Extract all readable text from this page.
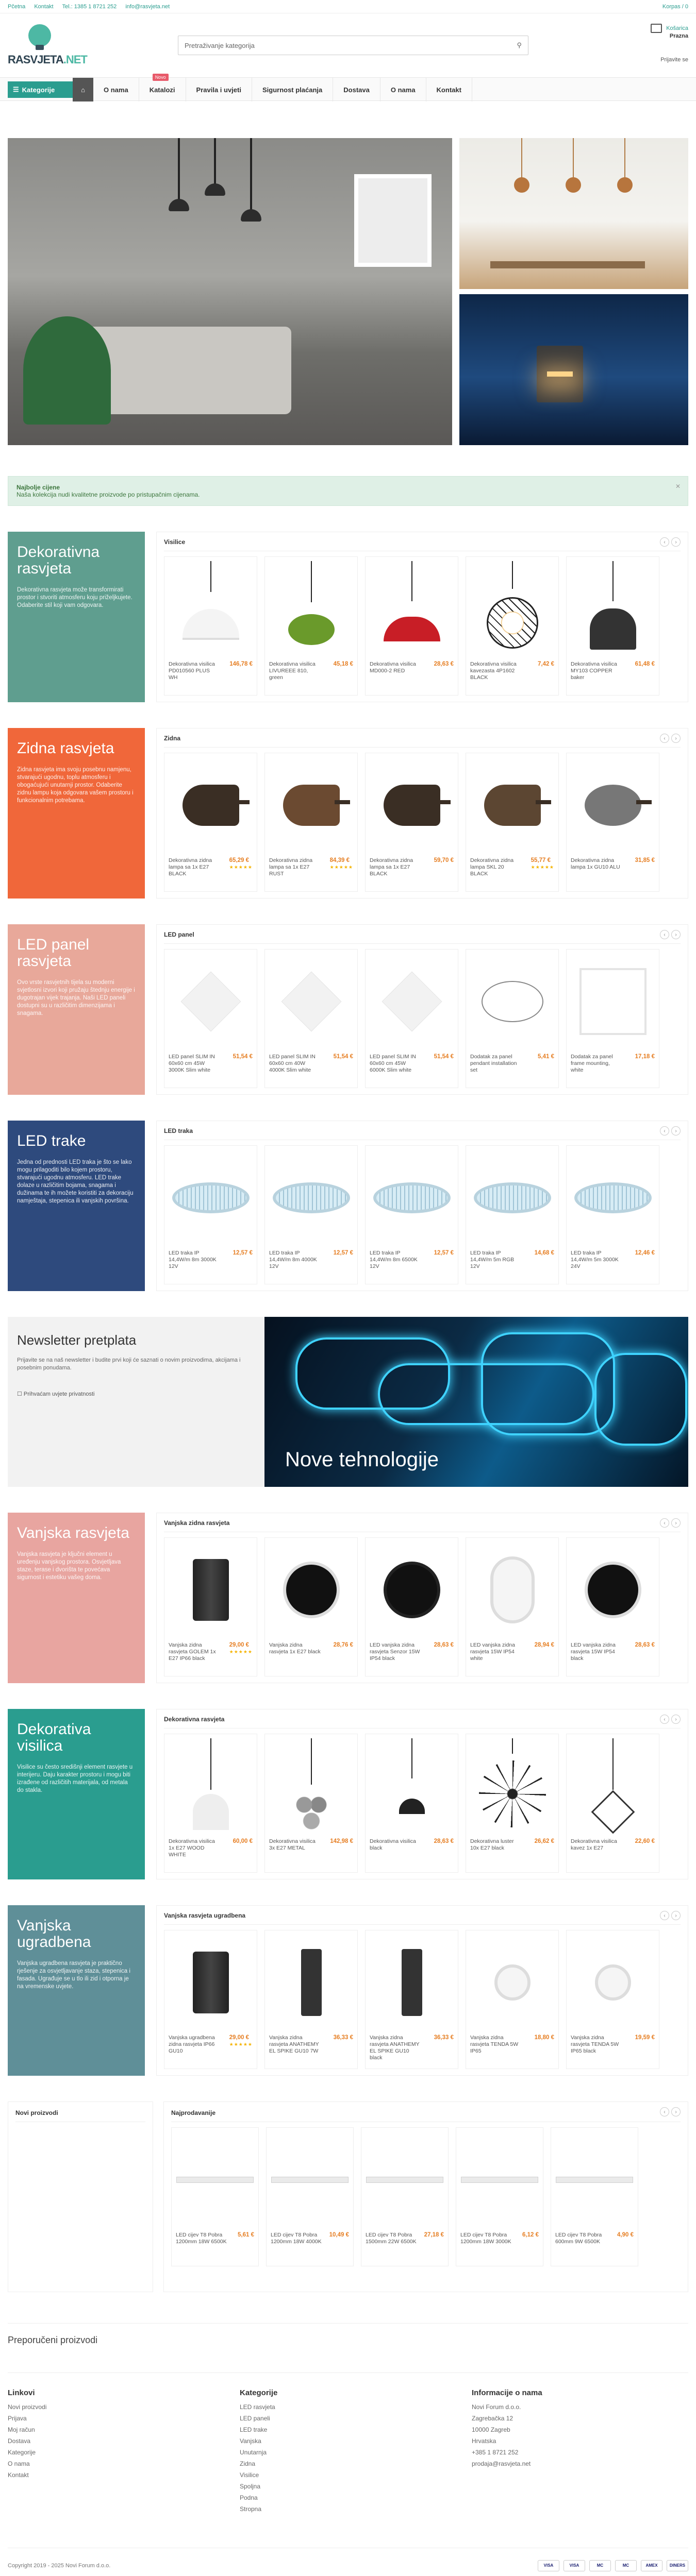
Pčetna Kontakt Tel.: 1385 1 8721 252 info@rasvjeta.net	Korpas / 0
RASVJETA.NET
Pretraživanje kategorija	⚲
Košarica
Prazna
Prijavite se
☰ Kategorije	⌂	O nama
Novo
Katalozi	Pravila i uvjeti	Sigurnost plaćanja	Dostava	O nama	Kontakt
Najbolje cijene
Naša kolekcija nudi kvalitetne proizvode po pristupačnim cijenama.
✕
Dekorativna rasvjeta

Dekorativna rasvjeta može transformirati prostor i stvoriti atmosferu koju priželjkujete. Odaberite stil koji vam odgovara.

Visilice	‹	›
Dekorativna visilica PD010560 PLUS WH
146,78 €	Dekorativna visilica LIVUREEE 810, green
45,18 €	Dekorativna visilica MD000-2 RED
28,63 €	Dekorativna visilica kavezasta 4P1602 BLACK
7,42 €	Dekorativna visilica MY103 COPPER baker
61,48 €
Zidna rasvjeta

Zidna rasvjeta ima svoju posebnu namjenu, stvarajući ugodnu, toplu atmosferu i obogaćujući unutarnji prostor. Odaberite zidnu lampu koja odgovara vašem prostoru i funkcionalnim potrebama.

Zidna	‹	›
Dekorativna zidna lampa sa 1x E27 BLACK
65,29 €
★★★★★
Dekorativna zidna lampa sa 1x E27 RUST
84,39 €
★★★★★
Dekorativna zidna lampa sa 1x E27 BLACK
59,70 €	Dekorativna zidna lampa SKL 20 BLACK
55,77 €
★★★★★
Dekorativna zidna lampa 1x GU10 ALU
31,85 €
LED panel rasvjeta

Ovo vrste rasvjetnih tijela su moderni svjetlosni izvori koji pružaju štednju energije i dugotrajan vijek trajanja. Naši LED paneli dostupni su u različitim dimenzijama i snagama.

LED panel	‹	›
LED panel SLIM IN 60x60 cm 45W 3000K Slim white
51,54 €	LED panel SLIM IN 60x60 cm 40W 4000K Slim white
51,54 €	LED panel SLIM IN 60x60 cm 45W 6000K Slim white
51,54 €	Dodatak za panel pendant installation set
5,41 €	Dodatak za panel frame mounting, white
17,18 €
LED trake

Jedna od prednosti LED traka je što se lako mogu prilagoditi bilo kojem prostoru, stvarajući ugodnu atmosferu. LED trake dolaze u različitim bojama, snagama i dužinama te ih možete koristiti za dekoraciju namještaja, stepenica ili vanjskih površina.

LED traka	‹	›
LED traka IP 14,4W/m 8m 3000K 12V
12,57 €	LED traka IP 14,4W/m 8m 4000K 12V
12,57 €	LED traka IP 14,4W/m 8m 6500K 12V
12,57 €	LED traka IP 14,4W/m 5m RGB 12V
14,68 €	LED traka IP 14,4W/m 5m 3000K 24V
12,46 €
Newsletter pretplata

Prijavite se na naš newsletter i budite prvi koji će saznati o novim proizvodima, akcijama i posebnim ponudama.

☐ Prihvaćam uvjete privatnosti
Nove tehnologije
Vanjska rasvjeta

Vanjska rasvjeta je ključni element u uređenju vanjskog prostora. Osvjetljava staze, terase i dvorišta te povećava sigurnost i estetiku vašeg doma.

Vanjska zidna rasvjeta	‹	›
Vanjska zidna rasvjeta GOLEM 1x E27 IP66 black
29,00 €
★★★★★
Vanjska zidna rasvjeta 1x E27 black
28,76 €	LED vanjska zidna rasvjeta Senzor 15W IP54 black
28,63 €	LED vanjska zidna rasvjeta 15W IP54 white
28,94 €	LED vanjska zidna rasvjeta 15W IP54 black
28,63 €
Dekorativa visilica

Visilice su često središnji element rasvjete u interijeru. Daju karakter prostoru i mogu biti izrađene od različitih materijala, od metala do stakla.

Dekorativna rasvjeta	‹	›
Dekorativna visilica 1x E27 WOOD WHITE
60,00 €	Dekorativna visilica 3x E27 METAL
142,98 €	Dekorativna visilica black
28,63 €	Dekorativna luster 10x E27 black
26,62 €	Dekorativna visilica kavez 1x E27
22,60 €
Vanjska ugradbena

Vanjska ugradbena rasvjeta je praktično rješenje za osvjetljavanje staza, stepenica i fasada. Ugrađuje se u tlo ili zid i otporna je na vremenske uvjete.

Vanjska rasvjeta ugradbena	‹	›
Vanjska ugradbena zidna rasvjeta IP66 GU10
29,00 €
★★★★★
Vanjska zidna rasvjeta ANATHEMY EL SPIKE GU10 7W
36,33 €	Vanjska zidna rasvjeta ANATHEMY EL SPIKE GU10 black
36,33 €	Vanjska zidna rasvjeta TENDA 5W IP65
18,80 €	Vanjska zidna rasvjeta TENDA 5W IP65 black
19,59 €
Novi proizvodi	Najprodavanije	‹	›
LED cijev T8 Pobra 1200mm 18W 6500K
5,61 €	LED cijev T8 Pobra 1200mm 18W 4000K
10,49 €	LED cijev T8 Pobra 1500mm 22W 6500K
27,18 €	LED cijev T8 Pobra 1200mm 18W 3000K
6,12 €	LED cijev T8 Pobra 600mm 9W 6500K
4,90 €
Preporučeni proizvodi
Linkovi
Novi proizvodi
Prijava
Moj račun
Dostava
Kategorije
O nama
Kontakt
Kategorije
LED rasvjeta
LED paneli
LED trake
Vanjska
Unutarnja
Zidna
Visilice
Spoljna
Podna
Stropna
Informacije o nama
Novi Forum d.o.o.
Zagrebačka 12
10000 Zagreb
Hrvatska
+385 1 8721 252
prodaja@rasvjeta.net
Copyright 2019 - 2025 Novi Forum d.o.o.	VISA	VISA	MC	MC	AMEX	DINERS
